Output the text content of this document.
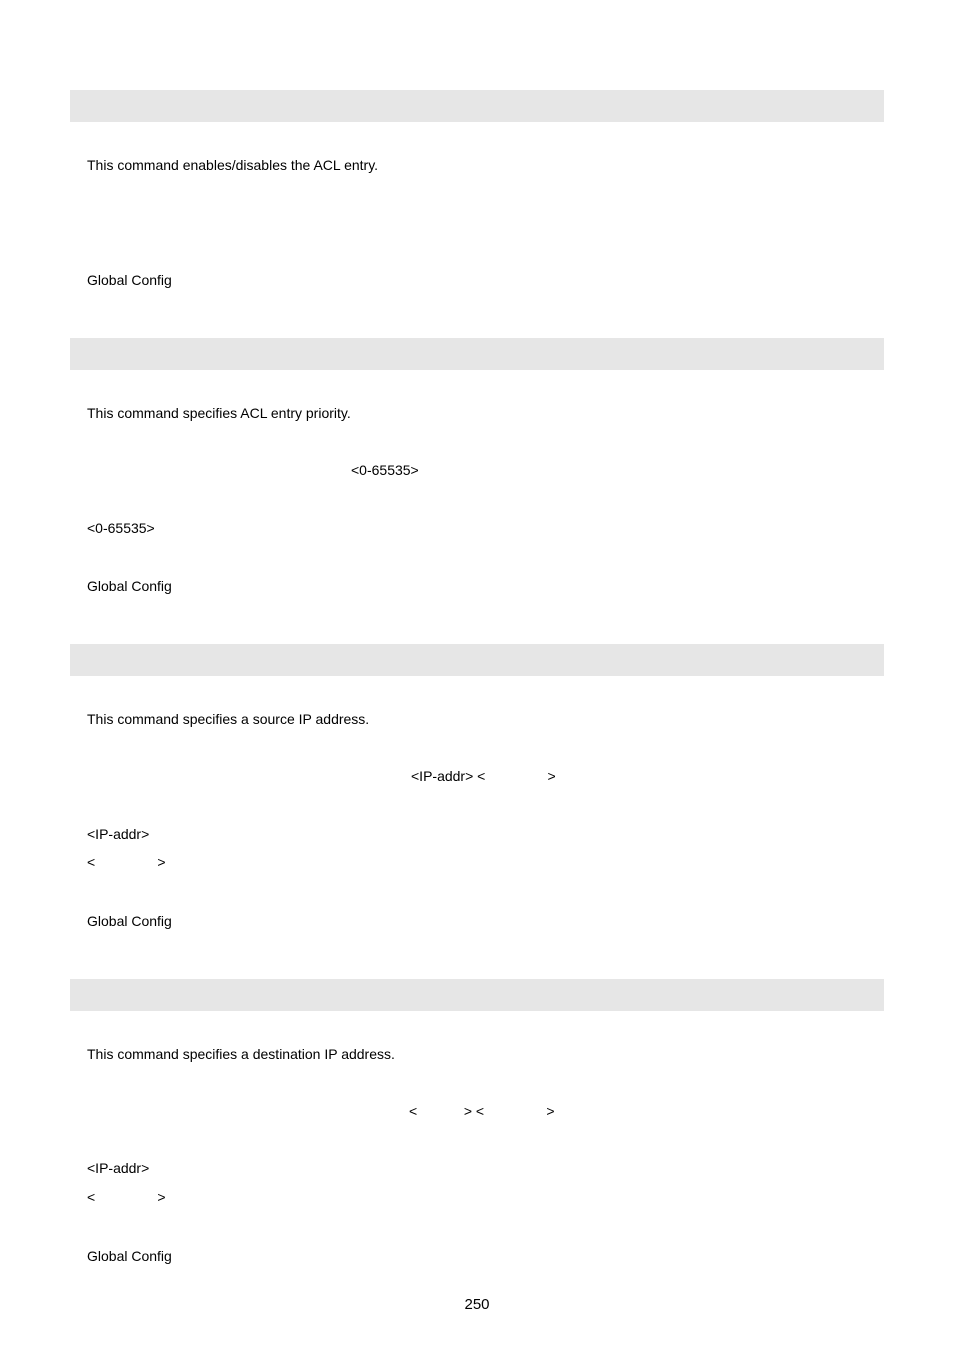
This command enables/disables the ACL entry.
Global Config
This command specifies ACL entry priority.
<0-65535>
<0-65535>
Global Config
This command specifies a source IP address.
<IP-addr> <                >
<IP-addr>
<                >
Global Config
This command specifies a destination IP address.
<            > <                >
<IP-addr>
<                >
Global Config
250
